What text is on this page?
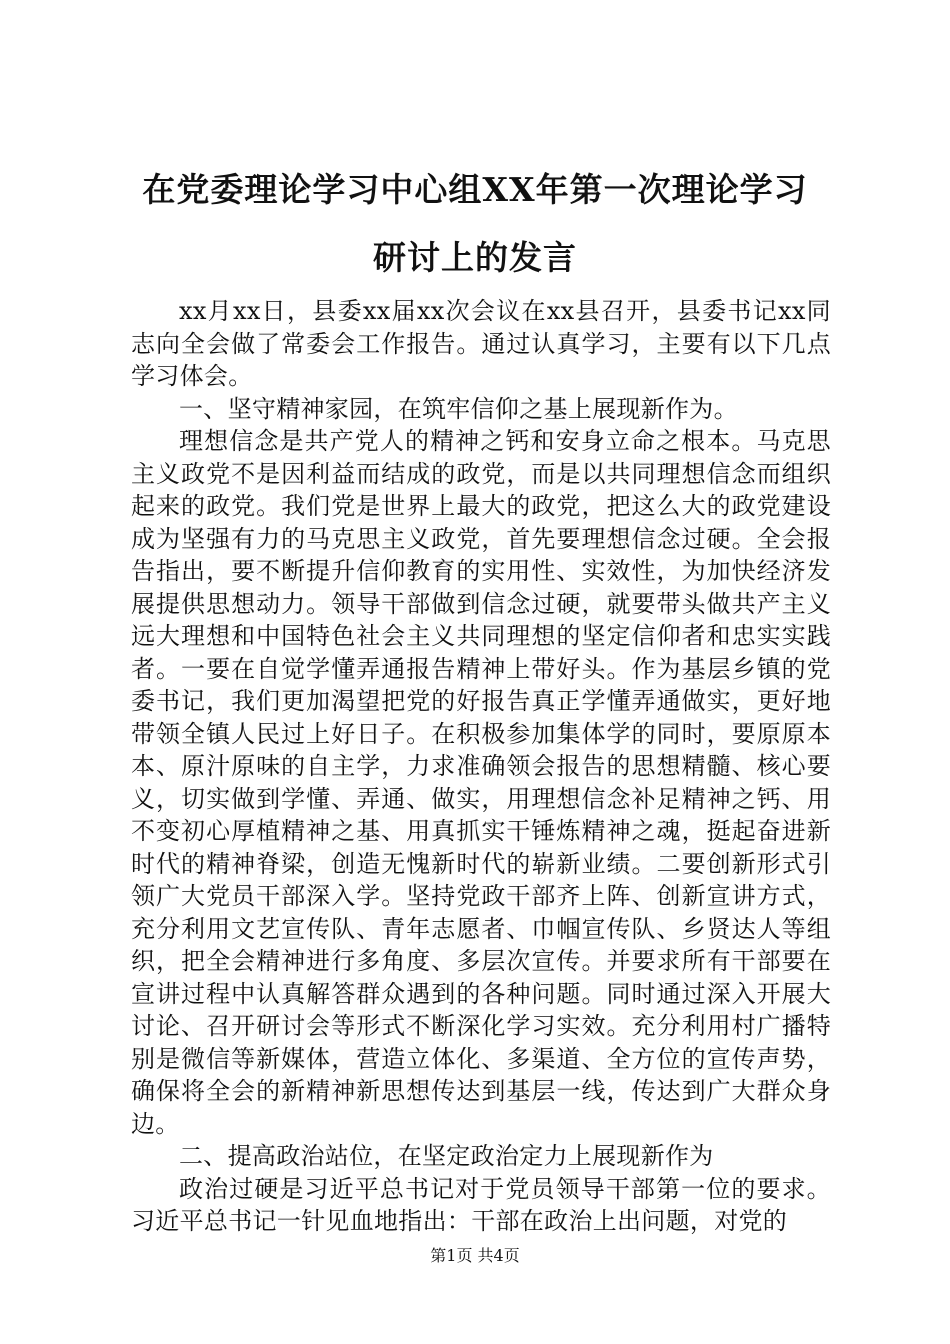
在党委理论学习中心组XX年第一次理论学习
研讨上的发言

xx月xx日，县委xx届xx次会议在xx县召开，县委书记xx同志向全会做了常委会工作报告。通过认真学习，主要有以下几点学习体会。

一、坚守精神家园，在筑牢信仰之基上展现新作为。

理想信念是共产党人的精神之钙和安身立命之根本。马克思主义政党不是因利益而结成的政党，而是以共同理想信念而组织起来的政党。我们党是世界上最大的政党，把这么大的政党建设成为坚强有力的马克思主义政党，首先要理想信念过硬。全会报告指出，要不断提升信仰教育的实用性、实效性，为加快经济发展提供思想动力。领导干部做到信念过硬，就要带头做共产主义远大理想和中国特色社会主义共同理想的坚定信仰者和忠实实践者。一要在自觉学懂弄通报告精神上带好头。作为基层乡镇的党委书记，我们更加渴望把党的好报告真正学懂弄通做实，更好地带领全镇人民过上好日子。在积极参加集体学的同时，要原原本本、原汁原味的自主学，力求准确领会报告的思想精髓、核心要义，切实做到学懂、弄通、做实，用理想信念补足精神之钙、用不变初心厚植精神之基、用真抓实干锤炼精神之魂，挺起奋进新时代的精神脊梁，创造无愧新时代的崭新业绩。二要创新形式引领广大党员干部深入学。坚持党政干部齐上阵、创新宣讲方式，充分利用文艺宣传队、青年志愿者、巾帼宣传队、乡贤达人等组织，把全会精神进行多角度、多层次宣传。并要求所有干部要在宣讲过程中认真解答群众遇到的各种问题。同时通过深入开展大讨论、召开研讨会等形式不断深化学习实效。充分利用村广播特别是微信等新媒体，营造立体化、多渠道、全方位的宣传声势，确保将全会的新精神新思想传达到基层一线，传达到广大群众身边。

二、提高政治站位，在坚定政治定力上展现新作为

政治过硬是习近平总书记对于党员领导干部第一位的要求。习近平总书记一针见血地指出：干部在政治上出问题，对党的

第1页 共4页
